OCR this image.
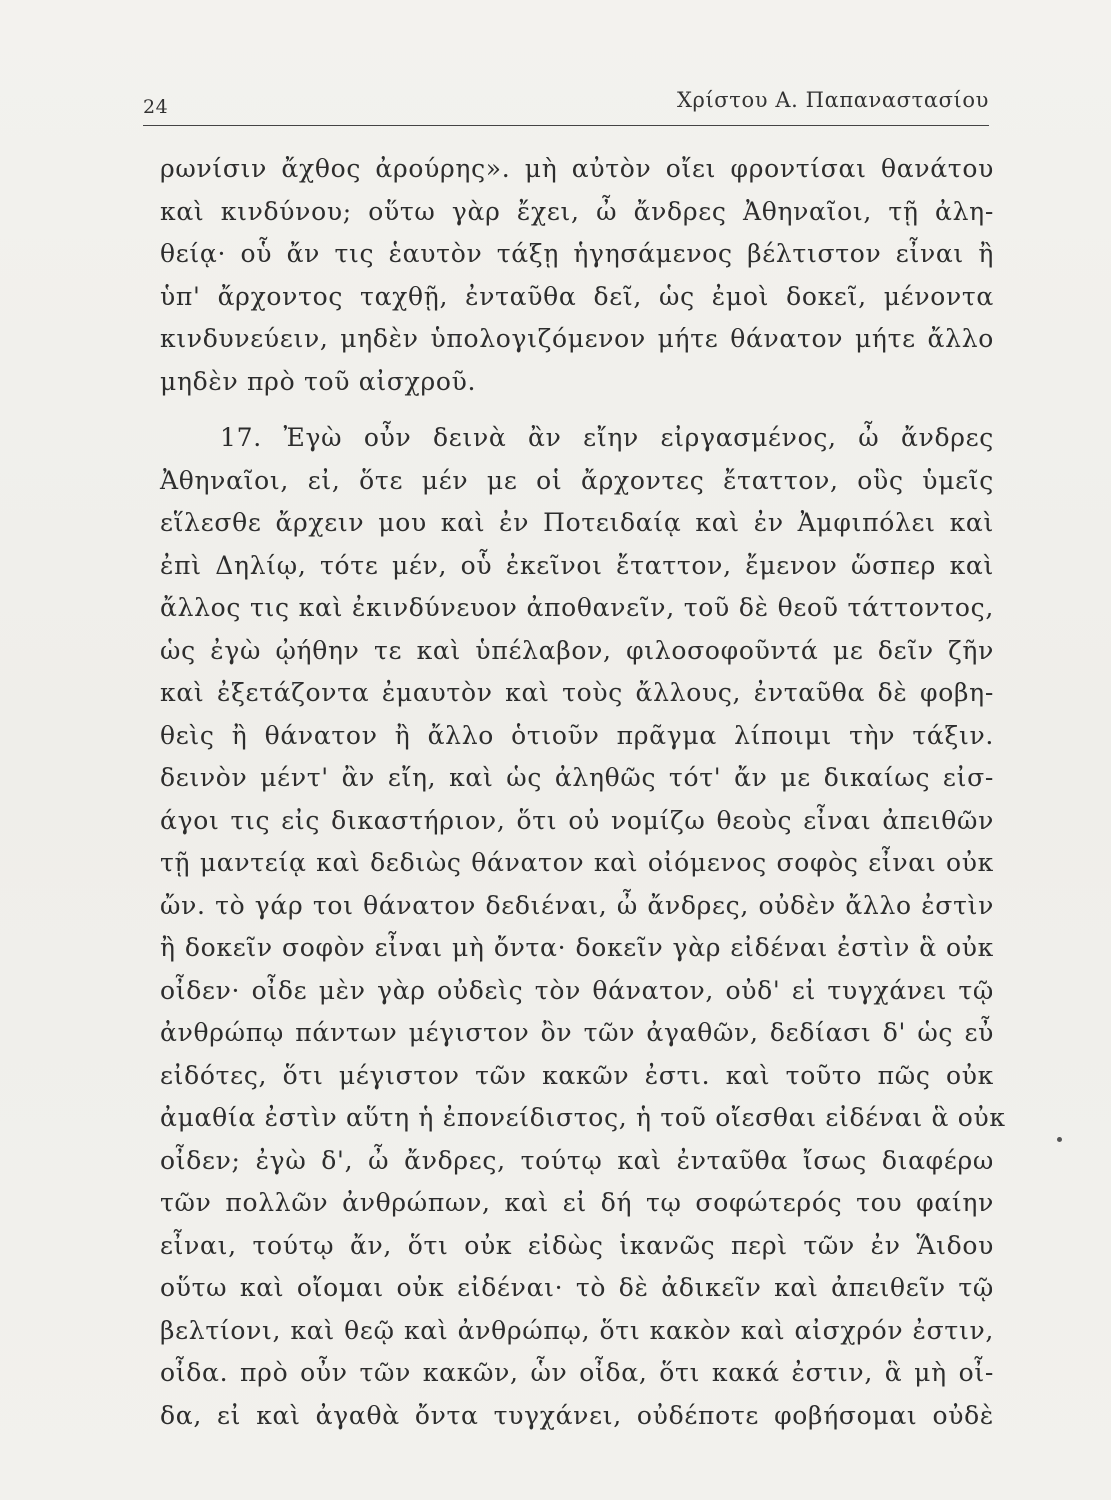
24	Χρίστου Α. Παπαναστασίου
ρωνίσιν ἄχθος ἀρούρης». μὴ αὐτὸν οἴει φροντίσαι θανάτου
καὶ κινδύνου; οὕτω γὰρ ἔχει, ὦ ἄνδρες Ἀθηναῖοι, τῇ ἀλη-
θείᾳ· οὗ ἄν τις ἑαυτὸν τάξῃ ἡγησάμενος βέλτιστον εἶναι ἢ
ὑπ' ἄρχοντος ταχθῇ, ἐνταῦθα δεῖ, ὡς ἐμοὶ δοκεῖ, μένοντα
κινδυνεύειν, μηδὲν ὑπολογιζόμενον μήτε θάνατον μήτε ἄλλο
μηδὲν πρὸ τοῦ αἰσχροῦ.
17. Ἐγὼ οὖν δεινὰ ἂν εἴην εἰργασμένος, ὦ ἄνδρες
Ἀθηναῖοι, εἰ, ὅτε μέν με οἱ ἄρχοντες ἔταττον, οὓς ὑμεῖς
εἵλεσθε ἄρχειν μου καὶ ἐν Ποτειδαίᾳ καὶ ἐν Ἀμφιπόλει καὶ
ἐπὶ Δηλίῳ, τότε μέν, οὗ ἐκεῖνοι ἔταττον, ἔμενον ὥσπερ καὶ
ἄλλος τις καὶ ἐκινδύνευον ἀποθανεῖν, τοῦ δὲ θεοῦ τάττοντος,
ὡς ἐγὼ ᾠήθην τε καὶ ὑπέλαβον, φιλοσοφοῦντά με δεῖν ζῆν
καὶ ἐξετάζοντα ἐμαυτὸν καὶ τοὺς ἄλλους, ἐνταῦθα δὲ φοβη-
θεὶς ἢ θάνατον ἢ ἄλλο ὁτιοῦν πρᾶγμα λίποιμι τὴν τάξιν.
δεινὸν μέντ' ἂν εἴη, καὶ ὡς ἀληθῶς τότ' ἄν με δικαίως εἰσ-
άγοι τις εἰς δικαστήριον, ὅτι οὐ νομίζω θεοὺς εἶναι ἀπειθῶν
τῇ μαντείᾳ καὶ δεδιὼς θάνατον καὶ οἰόμενος σοφὸς εἶναι οὐκ
ὤν. τὸ γάρ τοι θάνατον δεδιέναι, ὦ ἄνδρες, οὐδὲν ἄλλο ἐστὶν
ἢ δοκεῖν σοφὸν εἶναι μὴ ὄντα· δοκεῖν γὰρ εἰδέναι ἐστὶν ἃ οὐκ
οἶδεν· οἶδε μὲν γὰρ οὐδεὶς τὸν θάνατον, οὐδ' εἰ τυγχάνει τῷ
ἀνθρώπῳ πάντων μέγιστον ὂν τῶν ἀγαθῶν, δεδίασι δ' ὡς εὖ
εἰδότες, ὅτι μέγιστον τῶν κακῶν ἐστι. καὶ τοῦτο πῶς οὐκ
ἀμαθία ἐστὶν αὕτη ἡ ἐπονείδιστος, ἡ τοῦ οἴεσθαι εἰδέναι ἃ οὐκ
οἶδεν; ἐγὼ δ', ὦ ἄνδρες, τούτῳ καὶ ἐνταῦθα ἴσως διαφέρω
τῶν πολλῶν ἀνθρώπων, καὶ εἰ δή τῳ σοφώτερός του φαίην
εἶναι, τούτῳ ἄν, ὅτι οὐκ εἰδὼς ἱκανῶς περὶ τῶν ἐν Ἅιδου
οὕτω καὶ οἴομαι οὐκ εἰδέναι· τὸ δὲ ἀδικεῖν καὶ ἀπειθεῖν τῷ
βελτίονι, καὶ θεῷ καὶ ἀνθρώπῳ, ὅτι κακὸν καὶ αἰσχρόν ἐστιν,
οἶδα. πρὸ οὖν τῶν κακῶν, ὧν οἶδα, ὅτι κακά ἐστιν, ἃ μὴ οἶ-
δα, εἰ καὶ ἀγαθὰ ὄντα τυγχάνει, οὐδέποτε φοβήσομαι οὐδὲ
